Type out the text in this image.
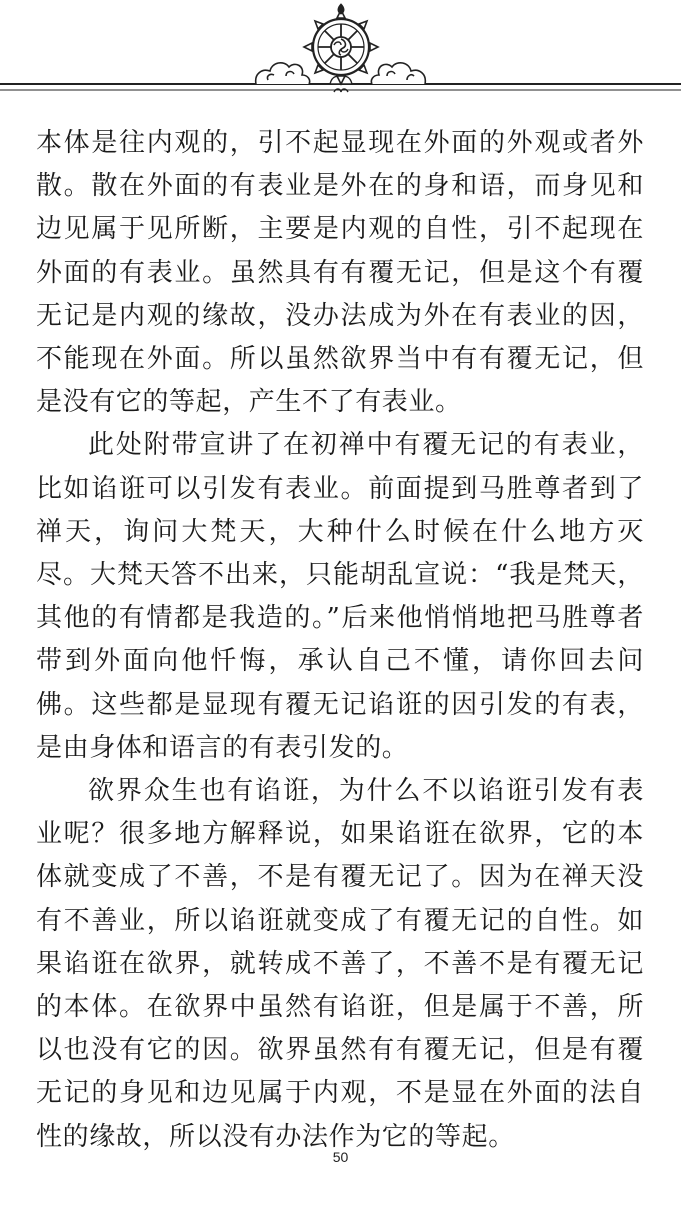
本体是往内观的，引不起显现在外面的外观或者外散。散在外面的有表业是外在的身和语，而身见和边见属于见所断，主要是内观的自性，引不起现在外面的有表业。虽然具有有覆无记，但是这个有覆无记是内观的缘故，没办法成为外在有表业的因，不能现在外面。所以虽然欲界当中有有覆无记，但是没有它的等起，产生不了有表业。

此处附带宣讲了在初禅中有覆无记的有表业，比如谄诳可以引发有表业。前面提到马胜尊者到了禅天，询问大梵天，大种什么时候在什么地方灭尽。大梵天答不出来，只能胡乱宣说：“我是梵天，其他的有情都是我造的。”后来他悄悄地把马胜尊者带到外面向他忏悔，承认自己不懂，请你回去问佛。这些都是显现有覆无记谄诳的因引发的有表，是由身体和语言的有表引发的。

欲界众生也有谄诳，为什么不以谄诳引发有表业呢？很多地方解释说，如果谄诳在欲界，它的本体就变成了不善，不是有覆无记了。因为在禅天没有不善业，所以谄诳就变成了有覆无记的自性。如果谄诳在欲界，就转成不善了，不善不是有覆无记的本体。在欲界中虽然有谄诳，但是属于不善，所以也没有它的因。欲界虽然有有覆无记，但是有覆无记的身见和边见属于内观，不是显在外面的法自性的缘故，所以没有办法作为它的等起。

50
